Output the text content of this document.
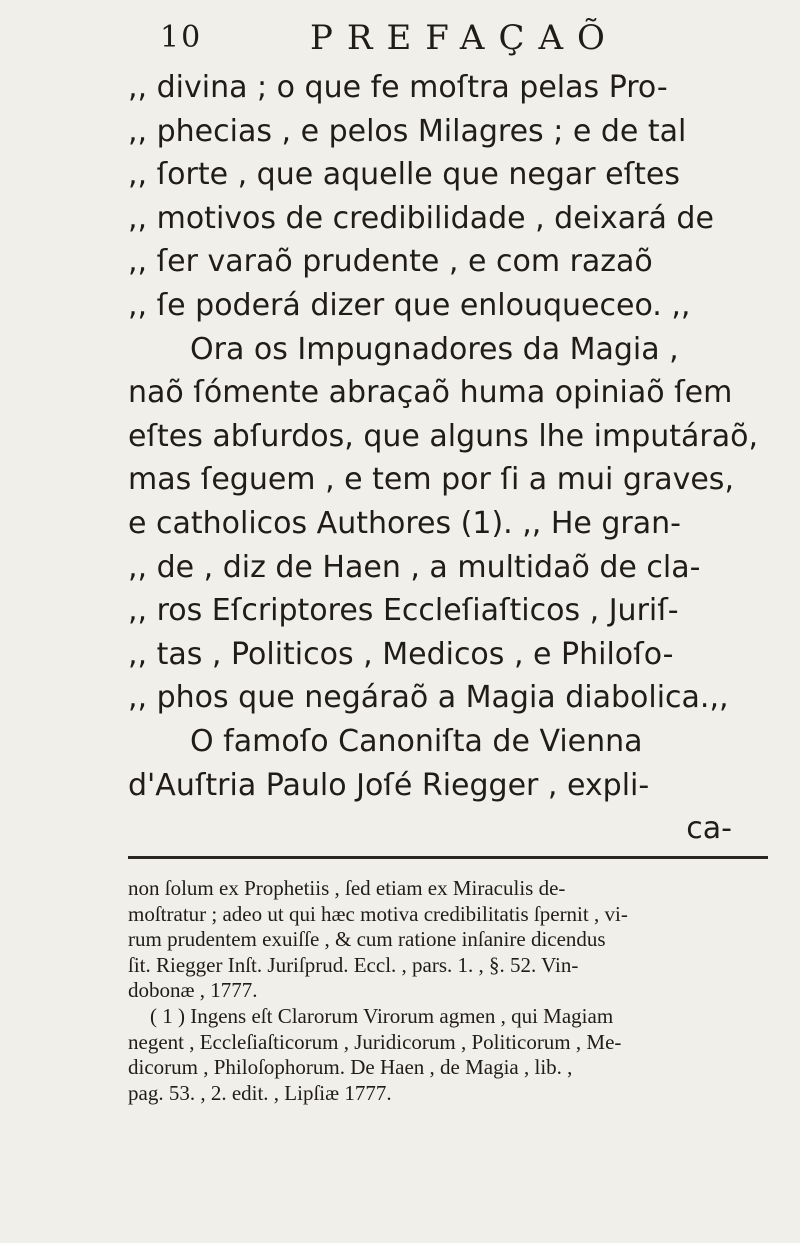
10	PREFAÇAÕ
,, divina ; o que fe moſtra pelas Pro-
,, phecias , e pelos Milagres ; e de tal
,, ſorte , que aquelle que negar eſtes
,, motivos de credibilidade , deixará de
,, ſer varaõ prudente , e com razaõ
,, ſe poderá dizer que enlouqueceo. ,,
Ora os Impugnadores da Magia ,
naõ ſómente abraçaõ huma opiniaõ ſem
eſtes abſurdos, que alguns lhe imputáraõ,
mas ſeguem , e tem por ſi a mui graves,
e catholicos Authores (1). ,, He gran-
,, de , diz de Haen , a multidaõ de cla-
,, ros Eſcriptores Eccleſiaſticos , Juriſ-
,, tas , Politicos , Medicos , e Philoſo-
,, phos que negáraõ a Magia diabolica.,,
O famoſo Canoniſta de Vienna
d'Auſtria Paulo Joſé Riegger , expli-
ca-
non ſolum ex Prophetiis , ſed etiam ex Miraculis de-
moſtratur ; adeo ut qui hæc motiva credibilitatis ſpernit , vi-
rum prudentem exuiſſe , & cum ratione inſanire dicendus
ſit. Riegger Inſt. Juriſprud. Eccl. , pars. 1. , §. 52. Vin-
dobonæ , 1777.
( 1 ) Ingens eſt Clarorum Virorum agmen , qui Magiam
negent , Eccleſiaſticorum , Juridicorum , Politicorum , Me-
dicorum , Philoſophorum. De Haen , de Magia , lib. ,
pag. 53. , 2. edit. , Lipſiæ 1777.
